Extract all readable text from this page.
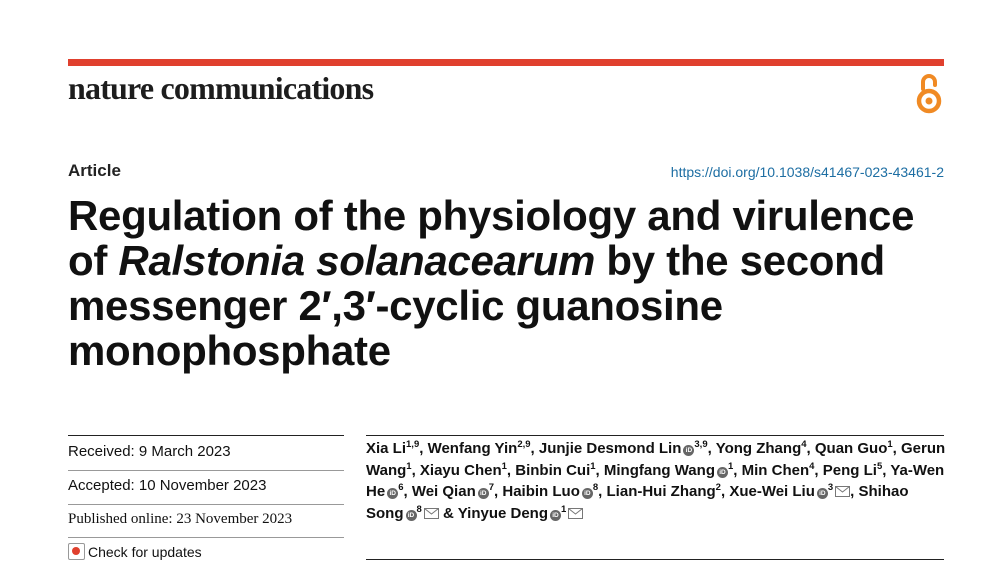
nature communications
Article	https://doi.org/10.1038/s41467-023-43461-2
Regulation of the physiology and virulence of Ralstonia solanacearum by the second messenger 2′,3′-cyclic guanosine monophosphate
Received: 9 March 2023
Accepted: 10 November 2023
Published online: 23 November 2023
Check for updates
Xia Li$^{1,9}$, Wenfang Yin$^{2,9}$, Junjie Desmond Lin iD$^{3,9}$, Yong Zhang$^4$, Quan Guo$^1$, Gerun Wang$^1$, Xiayu Chen$^1$, Binbin Cui$^1$, Mingfang Wang $iD^1$, Min Chen$^4$, Peng Li$^5$, Ya-Wen He $iD^6$, Wei Qian $iD^7$, Haibin Luo $iD^8$, Lian-Hui Zhang$^2$, Xue-Wei Liu $iD^3$ , Shihao Song $iD^8$ & Yinyue Deng $iD^1$
